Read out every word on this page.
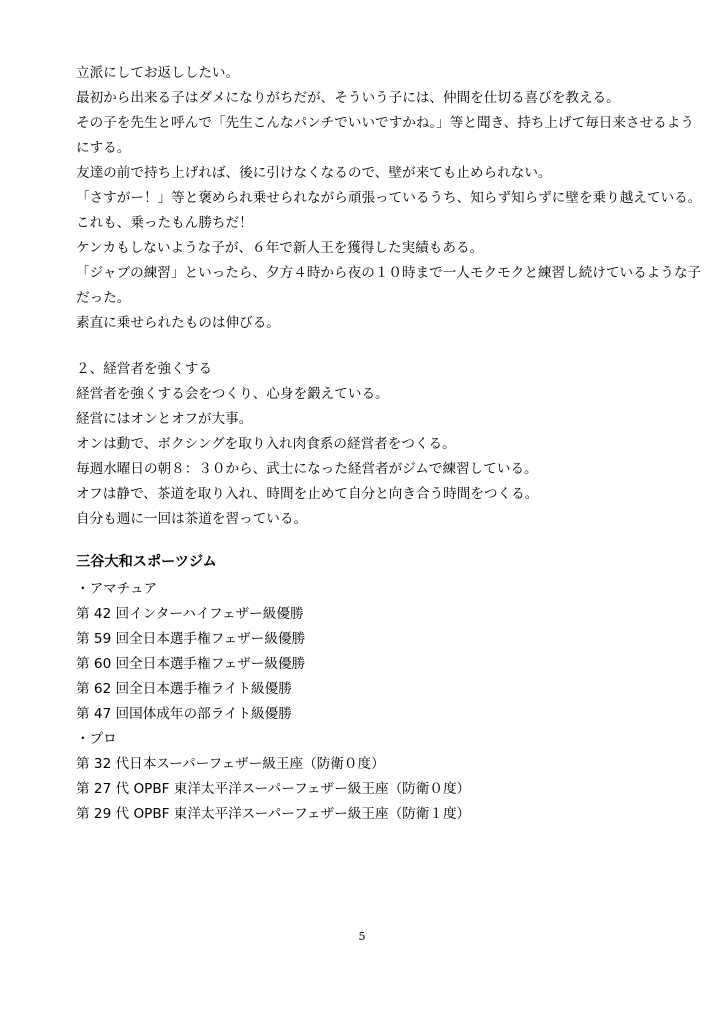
立派にしてお返ししたい。
最初から出来る子はダメになりがちだが、そういう子には、仲間を仕切る喜びを教える。
その子を先生と呼んで「先生こんなパンチでいいですかね。」等と聞き、持ち上げて毎日来させるよう
にする。
友達の前で持ち上げれば、後に引けなくなるので、壁が来ても止められない。
「さすがー！」等と褒められ乗せられながら頑張っているうち、知らず知らずに壁を乗り越えている。
これも、乗ったもん勝ちだ！
ケンカもしないような子が、６年で新人王を獲得した実績もある。
「ジャブの練習」といったら、夕方４時から夜の１０時まで一人モクモクと練習し続けているような子
だった。
素直に乗せられたものは伸びる。
２、経営者を強くする
経営者を強くする会をつくり、心身を鍛えている。
経営にはオンとオフが大事。
オンは動で、ボクシングを取り入れ肉食系の経営者をつくる。
毎週水曜日の朝８：３０から、武士になった経営者がジムで練習している。
オフは静で、茶道を取り入れ、時間を止めて自分と向き合う時間をつくる。
自分も週に一回は茶道を習っている。
三谷大和スポーツジム
・アマチュア
第 42 回インターハイフェザー級優勝
第 59 回全日本選手権フェザー級優勝
第 60 回全日本選手権フェザー級優勝
第 62 回全日本選手権ライト級優勝
第 47 回国体成年の部ライト級優勝
・プロ
第 32 代日本スーパーフェザー級王座（防衛０度）
第 27 代 OPBF 東洋太平洋スーパーフェザー級王座（防衛０度）
第 29 代 OPBF 東洋太平洋スーパーフェザー級王座（防衛１度）
5
